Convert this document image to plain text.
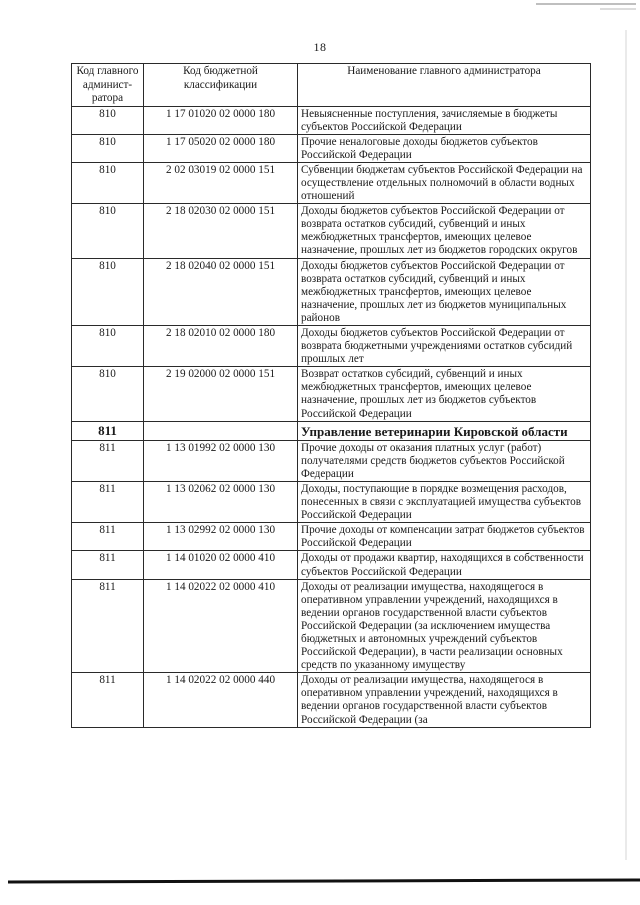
18
Код главного админист-ратора	Код бюджетной классификации	Наименование главного администратора
810	1 17 01020 02 0000 180	Невыясненные поступления, зачисляемые в бюджеты субъектов Российской Федерации
810	1 17 05020 02 0000 180	Прочие неналоговые доходы бюджетов субъектов Российской Федерации
810	2 02 03019 02 0000 151	Субвенции бюджетам субъектов Российской Федерации на осуществление отдельных полномочий в области водных отношений
810	2 18 02030 02 0000 151	Доходы бюджетов субъектов Российской Федерации от возврата остатков субсидий, субвенций и иных межбюджетных трансфертов, имеющих целевое назначение, прошлых лет из бюджетов городских округов
810	2 18 02040 02 0000 151	Доходы бюджетов субъектов Российской Федерации от возврата остатков субсидий, субвенций и иных межбюджетных трансфертов, имеющих целевое назначение, прошлых лет из бюджетов муниципальных районов
810	2 18 02010 02 0000 180	Доходы бюджетов субъектов Российской Федерации от возврата бюджетными учреждениями остатков субсидий прошлых лет
810	2 19 02000 02 0000 151	Возврат остатков субсидий, субвенций и иных межбюджетных трансфертов, имеющих целевое назначение, прошлых лет из бюджетов субъектов Российской Федерации
811		Управление ветеринарии Кировской области
811	1 13 01992 02 0000 130	Прочие доходы от оказания платных услуг (работ) получателями средств бюджетов субъектов Российской Федерации
811	1 13 02062 02 0000 130	Доходы, поступающие в порядке возмещения расходов, понесенных в связи с эксплуатацией имущества субъектов Российской Федерации
811	1 13 02992 02 0000 130	Прочие доходы от компенсации затрат бюджетов субъектов Российской Федерации
811	1 14 01020 02 0000 410	Доходы от продажи квартир, находящихся в собственности субъектов Российской Федерации
811	1 14 02022 02 0000 410	Доходы от реализации имущества, находящегося в оперативном управлении учреждений, находящихся в ведении органов государственной власти субъектов Российской Федерации (за исключением имущества бюджетных и автономных учреждений субъектов Российской Федерации), в части реализации основных средств по указанному имуществу
811	1 14 02022 02 0000 440	Доходы от реализации имущества, находящегося в оперативном управлении учреждений, находящихся в ведении органов государственной власти субъектов Российской Федерации (за
